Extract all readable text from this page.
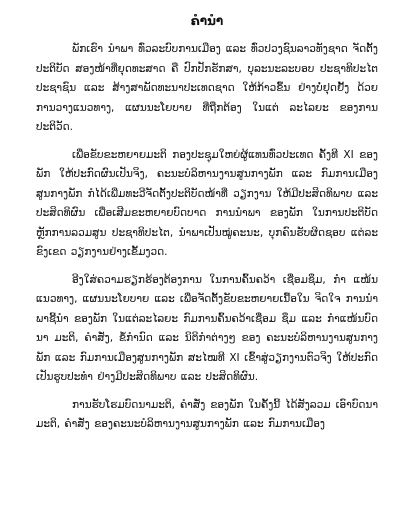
ຄໍານໍາ

ພັກເຮົາ ນໍາພາ ທົ່ວລະບົບການເມືອງ ແລະ ທົ່ວປວງຊົນລາວທັງຊາດ ຈັດຕັ້ງປະຕິບັດ ສອງໜ້າທີ່ຍຸດທະສາດ ຄື ປົກປັກຮັກສາ, ບຸລະນະລະບອບ ປະຊາທິປະໄຕ ປະຊາຊົນ ແລະ ສ້າງສາພັດທະນາປະເທດຊາດ ໃຫ້ກ້າວຂຶ້ນ ຢ່າງບໍ່ຢຸດຢັ້ງ ດ້ວຍການວາງແນວທາງ, ແຜນນະໂຍບາຍ ທີ່ຖືກຕ້ອງ ໃນແຕ່ ລະໄລຍະ ຂອງການປະຕິວັດ.

ເພື່ອຂັບຂະຫຍາຍມະຕິ ກອງປະຊຸມໃຫຍ່ຜູ້ແທນທົ່ວປະເທດ ຄັ້ງທີ XI ຂອງພັກ ໃຫ້ປະກົດຜົນເປັນຈິງ, ຄະນະບໍລິຫານງານສູນກາງພັກ ແລະ ກົມການເມືອງສູນກາງພັກ ກໍໄດ້ເພີ່ມທະວີຈັດຕັ້ງປະຕິບັດໜ້າທີ່ ວຽກງານ ໃຫ້ມີປະສິດທິພາບ ແລະ ປະສິດທິຜົນ ເພື່ອເສີມຂະຫຍາຍບົດບາດ ການນໍາພາ ຂອງພັກ ໃນການປະຕິບັດຫຼັກການລວມສູນ ປະຊາທິປະໄຕ, ນໍາພາເປັນໝູ່ຄະນະ, ບຸກຄົນຮັບຜິດຊອບ ແຕ່ລະຂົງເຂດ ວຽກງານຢ່າງເຂັ້ມງວດ.

ອີງໃສ່ຄວາມຮຽກຮ້ອງຕ້ອງການ ໃນການຄົ້ນຄວ້າ ເຊື່ອມຊຶມ, ກໍາ ແໜ້ນແນວທາງ, ແຜນນະໂຍບາຍ ແລະ ເພື່ອຈັດຕັ້ງຂັບຂະຫຍາຍເນື້ອໃນ ຈິດໃຈ ການນໍາພາຊີ້ນໍາ ຂອງພັກ ໃນແຕ່ລະໄລຍະ ກົມການຄົ້ນຄວ້າເຊື່ອມ ຊຶມ ແລະ ກໍາແໜ້ນບົດນາ ມະຕິ, ຄໍາສັ່ງ, ຂໍ້ກໍານົດ ແລະ ນິຕິກໍາຕ່າງໆ ຂອງ ຄະນະບໍລິຫານງານສູນກາງພັກ ແລະ ກົມການເມືອງສູນກາງພັກ ສະໄໝທີ XI ເຂົ້າສູ່ວຽກງານຕົວຈິງ ໃຫ້ປະກົດເປັນຮູບປະທໍາ ຢ່າງມີປະສິດທິພາບ ແລະ ປະສິດທິຜົນ.

ການຮັບໂຮມບົດນາມະຕິ, ຄໍາສັ່ງ ຂອງພັກ ໃນຄັ້ງນີ້ ໄດ້ສັງລວມ ເອົາບົດນາມະຕິ, ຄໍາສັ່ງ ຂອງຄະນະບໍລິຫານງານສູນກາງພັກ ແລະ ກົມການເມືອງ
